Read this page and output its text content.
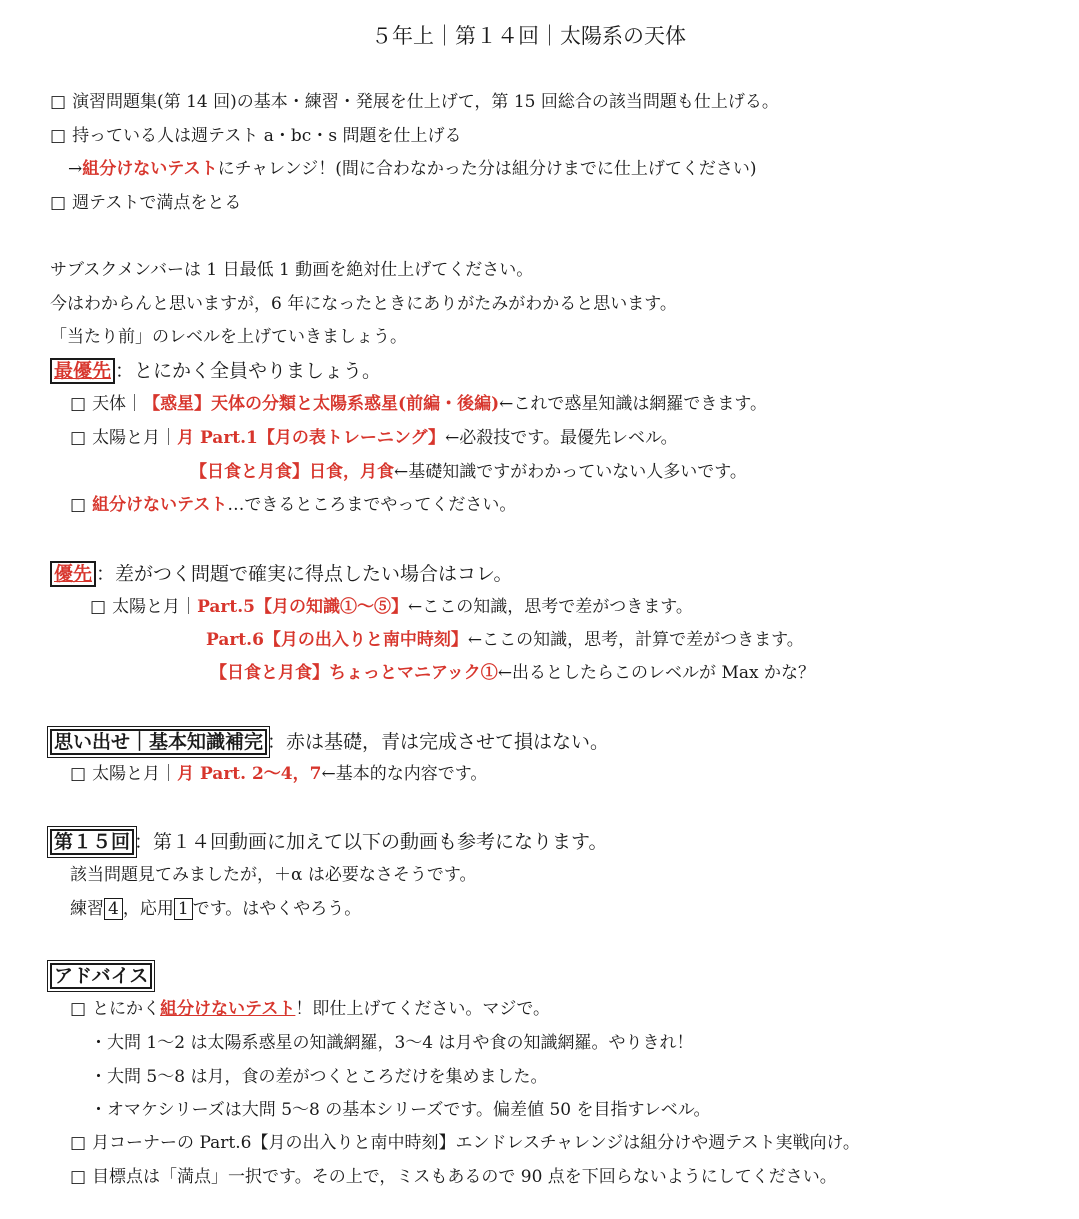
５年上｜第１４回｜太陽系の天体
□ 演習問題集(第 14 回)の基本・練習・発展を仕上げて，第 15 回総合の該当問題も仕上げる。
□ 持っている人は週テスト a・bc・s 問題を仕上げる
→組分けないテストにチャレンジ！(間に合わなかった分は組分けまでに仕上げてください)
□ 週テストで満点をとる
サブスクメンバーは 1 日最低 1 動画を絶対仕上げてください。
今はわからんと思いますが，6 年になったときにありがたみがわかると思います。
「当たり前」のレベルを上げていきましょう。
最優先 ：とにかく全員やりましょう。
□ 天体｜【惑星】天体の分類と太陽系惑星(前編・後編)←これで惑星知識は網羅できます。
□ 太陽と月｜月 Part.1【月の表トレーニング】←必殺技です。最優先レベル。
【日食と月食】日食，月食←基礎知識ですがわかっていない人多いです。
□ 組分けないテスト…できるところまでやってください。
優先 ：差がつく問題で確実に得点したい場合はコレ。
□ 太陽と月｜Part.5【月の知識①～⑤】←ここの知識，思考で差がつきます。
Part.6【月の出入りと南中時刻】←ここの知識，思考，計算で差がつきます。
【日食と月食】ちょっとマニアック①←出るとしたらこのレベルが Max かな？
思い出せ｜基本知識補完 ：赤は基礎，青は完成させて損はない。
□ 太陽と月｜月 Part. 2～4，7←基本的な内容です。
第１５回 ：第１４回動画に加えて以下の動画も参考になります。
該当問題見てみましたが，＋α は必要なさそうです。
練習 4 ，応用 1 です。はやくやろう。
アドバイス
□ とにかく組分けないテスト！即仕上げてください。マジで。
・大問 1～2 は太陽系惑星の知識網羅，3～4 は月や食の知識網羅。やりきれ！
・大問 5～8 は月，食の差がつくところだけを集めました。
・オマケシリーズは大問 5～8 の基本シリーズです。偏差値 50 を目指すレベル。
□ 月コーナーの Part.6【月の出入りと南中時刻】エンドレスチャレンジは組分けや週テスト実戦向け。
□ 目標点は「満点」一択です。その上で，ミスもあるので 90 点を下回らないようにしてください。
